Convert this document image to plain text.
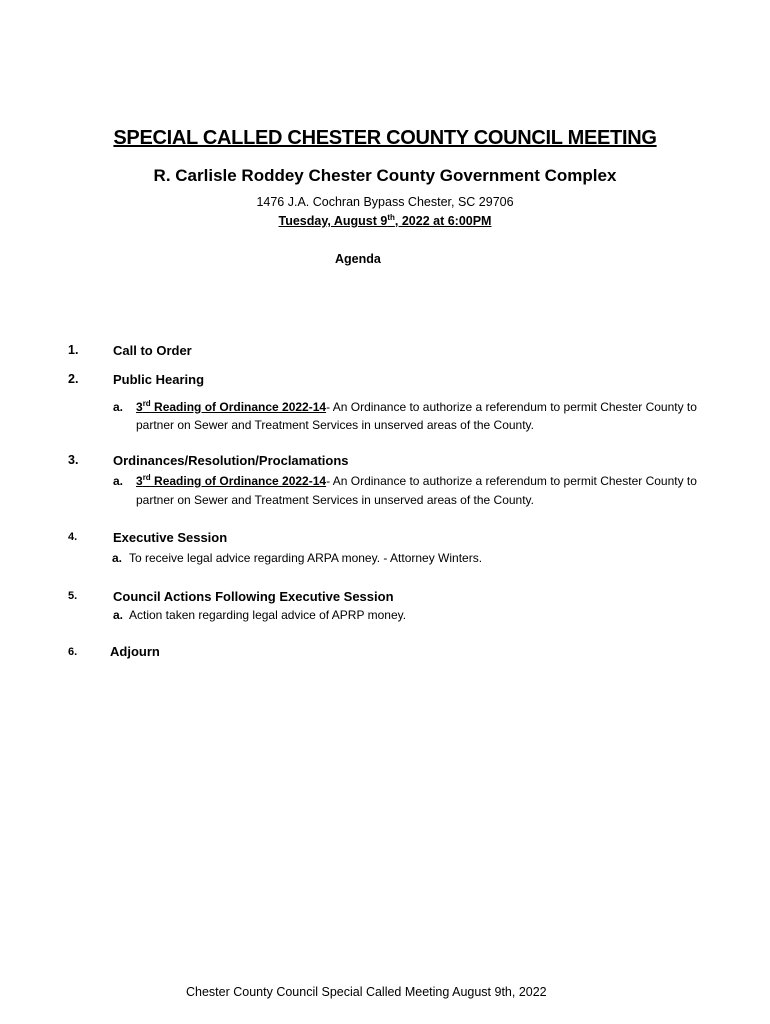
SPECIAL CALLED CHESTER COUNTY COUNCIL MEETING
R. Carlisle Roddey Chester County Government Complex
1476 J.A. Cochran Bypass Chester, SC 29706
Tuesday, August 9th, 2022 at 6:00PM
Agenda
1.	Call to Order
2.	Public Hearing
a. 3rd Reading of Ordinance 2022-14- An Ordinance to authorize a referendum to permit Chester County to
partner on Sewer and Treatment Services in unserved areas of the County.
3.	Ordinances/Resolution/Proclamations
a. 3rd Reading of Ordinance 2022-14- An Ordinance to authorize a referendum to permit Chester County to
partner on Sewer and Treatment Services in unserved areas of the County.
4.	Executive Session
a. To receive legal advice regarding ARPA money. - Attorney Winters.
5.	Council Actions Following Executive Session
a. Action taken regarding legal advice of APRP money.
6.	Adjourn
Chester County Council Special Called Meeting August 9th, 2022
